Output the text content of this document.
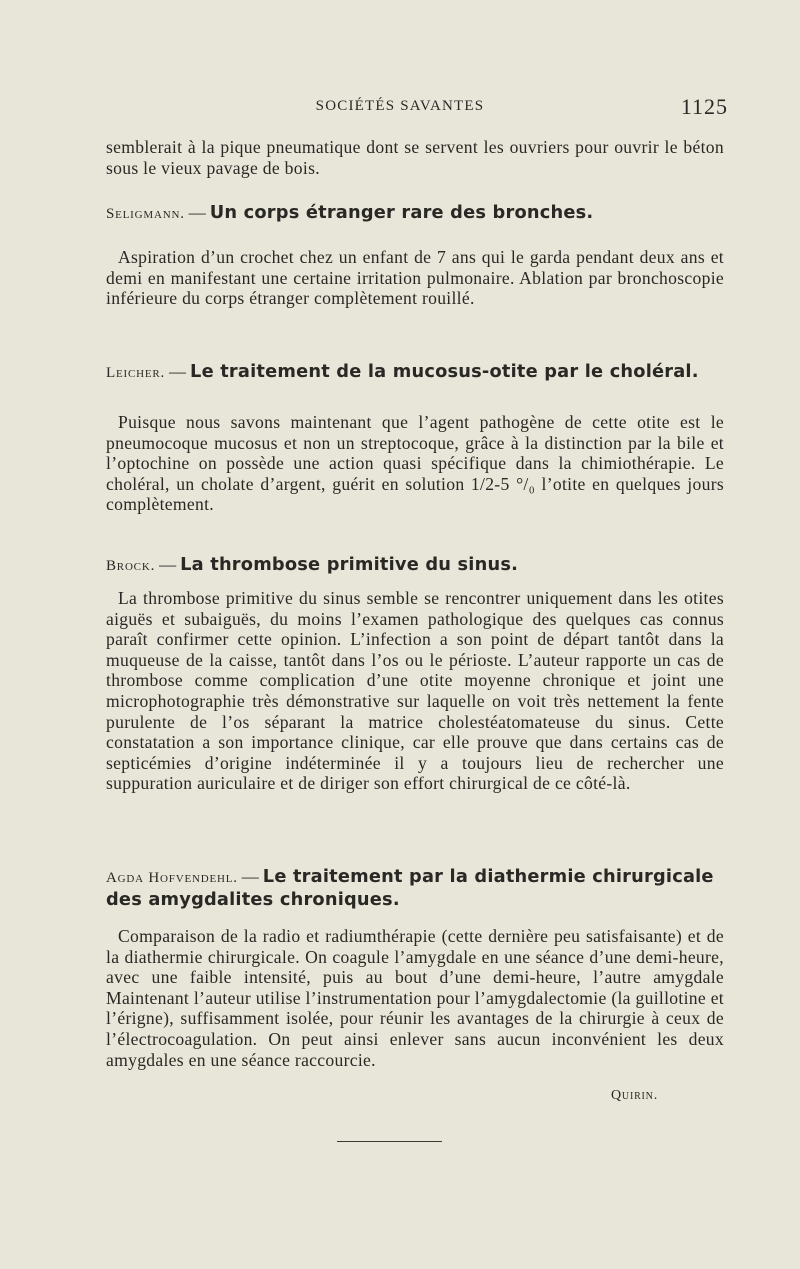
SOCIÉTÉS SAVANTES	1125

semblerait à la pique pneumatique dont se servent les ouvriers pour ouvrir le béton sous le vieux pavage de bois.

Seligmann. — Un corps étranger rare des bronches.

Aspiration d’un crochet chez un enfant de 7 ans qui le garda pendant deux ans et demi en manifestant une certaine irritation pulmonaire. Ablation par bronchoscopie inférieure du corps étranger complètement rouillé.

Leicher. — Le traitement de la mucosus-otite par le choléral.

Puisque nous savons maintenant que l’agent pathogène de cette otite est le pneumocoque mucosus et non un streptocoque, grâce à la distinction par la bile et l’optochine on possède une action quasi spécifique dans la chimiothérapie. Le choléral, un cholate d’argent, guérit en solution 1/2-5 °/₀ l’otite en quelques jours complètement.

Brock. — La thrombose primitive du sinus.

La thrombose primitive du sinus semble se rencontrer uniquement dans les otites aiguës et subaiguës, du moins l’examen pathologique des quelques cas connus paraît confirmer cette opinion. L’infection a son point de départ tantôt dans la muqueuse de la caisse, tantôt dans l’os ou le périoste. L’auteur rapporte un cas de thrombose comme complication d’une otite moyenne chronique et joint une microphotographie très démonstrative sur laquelle on voit très nettement la fente purulente de l’os séparant la matrice cholestéatomateuse du sinus. Cette constatation a son importance clinique, car elle prouve que dans certains cas de septicémies d’origine indéterminée il y a toujours lieu de rechercher une suppuration auriculaire et de diriger son effort chirurgical de ce côté-là.

Agda Hofvendehl. — Le traitement par la diathermie chirurgicale des amygdalites chroniques.

Comparaison de la radio et radiumthérapie (cette dernière peu satisfaisante) et de la diathermie chirurgicale. On coagule l’amygdale en une séance d’une demi-heure, avec une faible intensité, puis au bout d’une demi-heure, l’autre amygdale Maintenant l’auteur utilise l’instrumentation pour l’amygdalectomie (la guillotine et l’érigne), suffisamment isolée, pour réunir les avantages de la chirurgie à ceux de l’électrocoagulation. On peut ainsi enlever sans aucun inconvénient les deux amygdales en une séance raccourcie.

Quirin.
